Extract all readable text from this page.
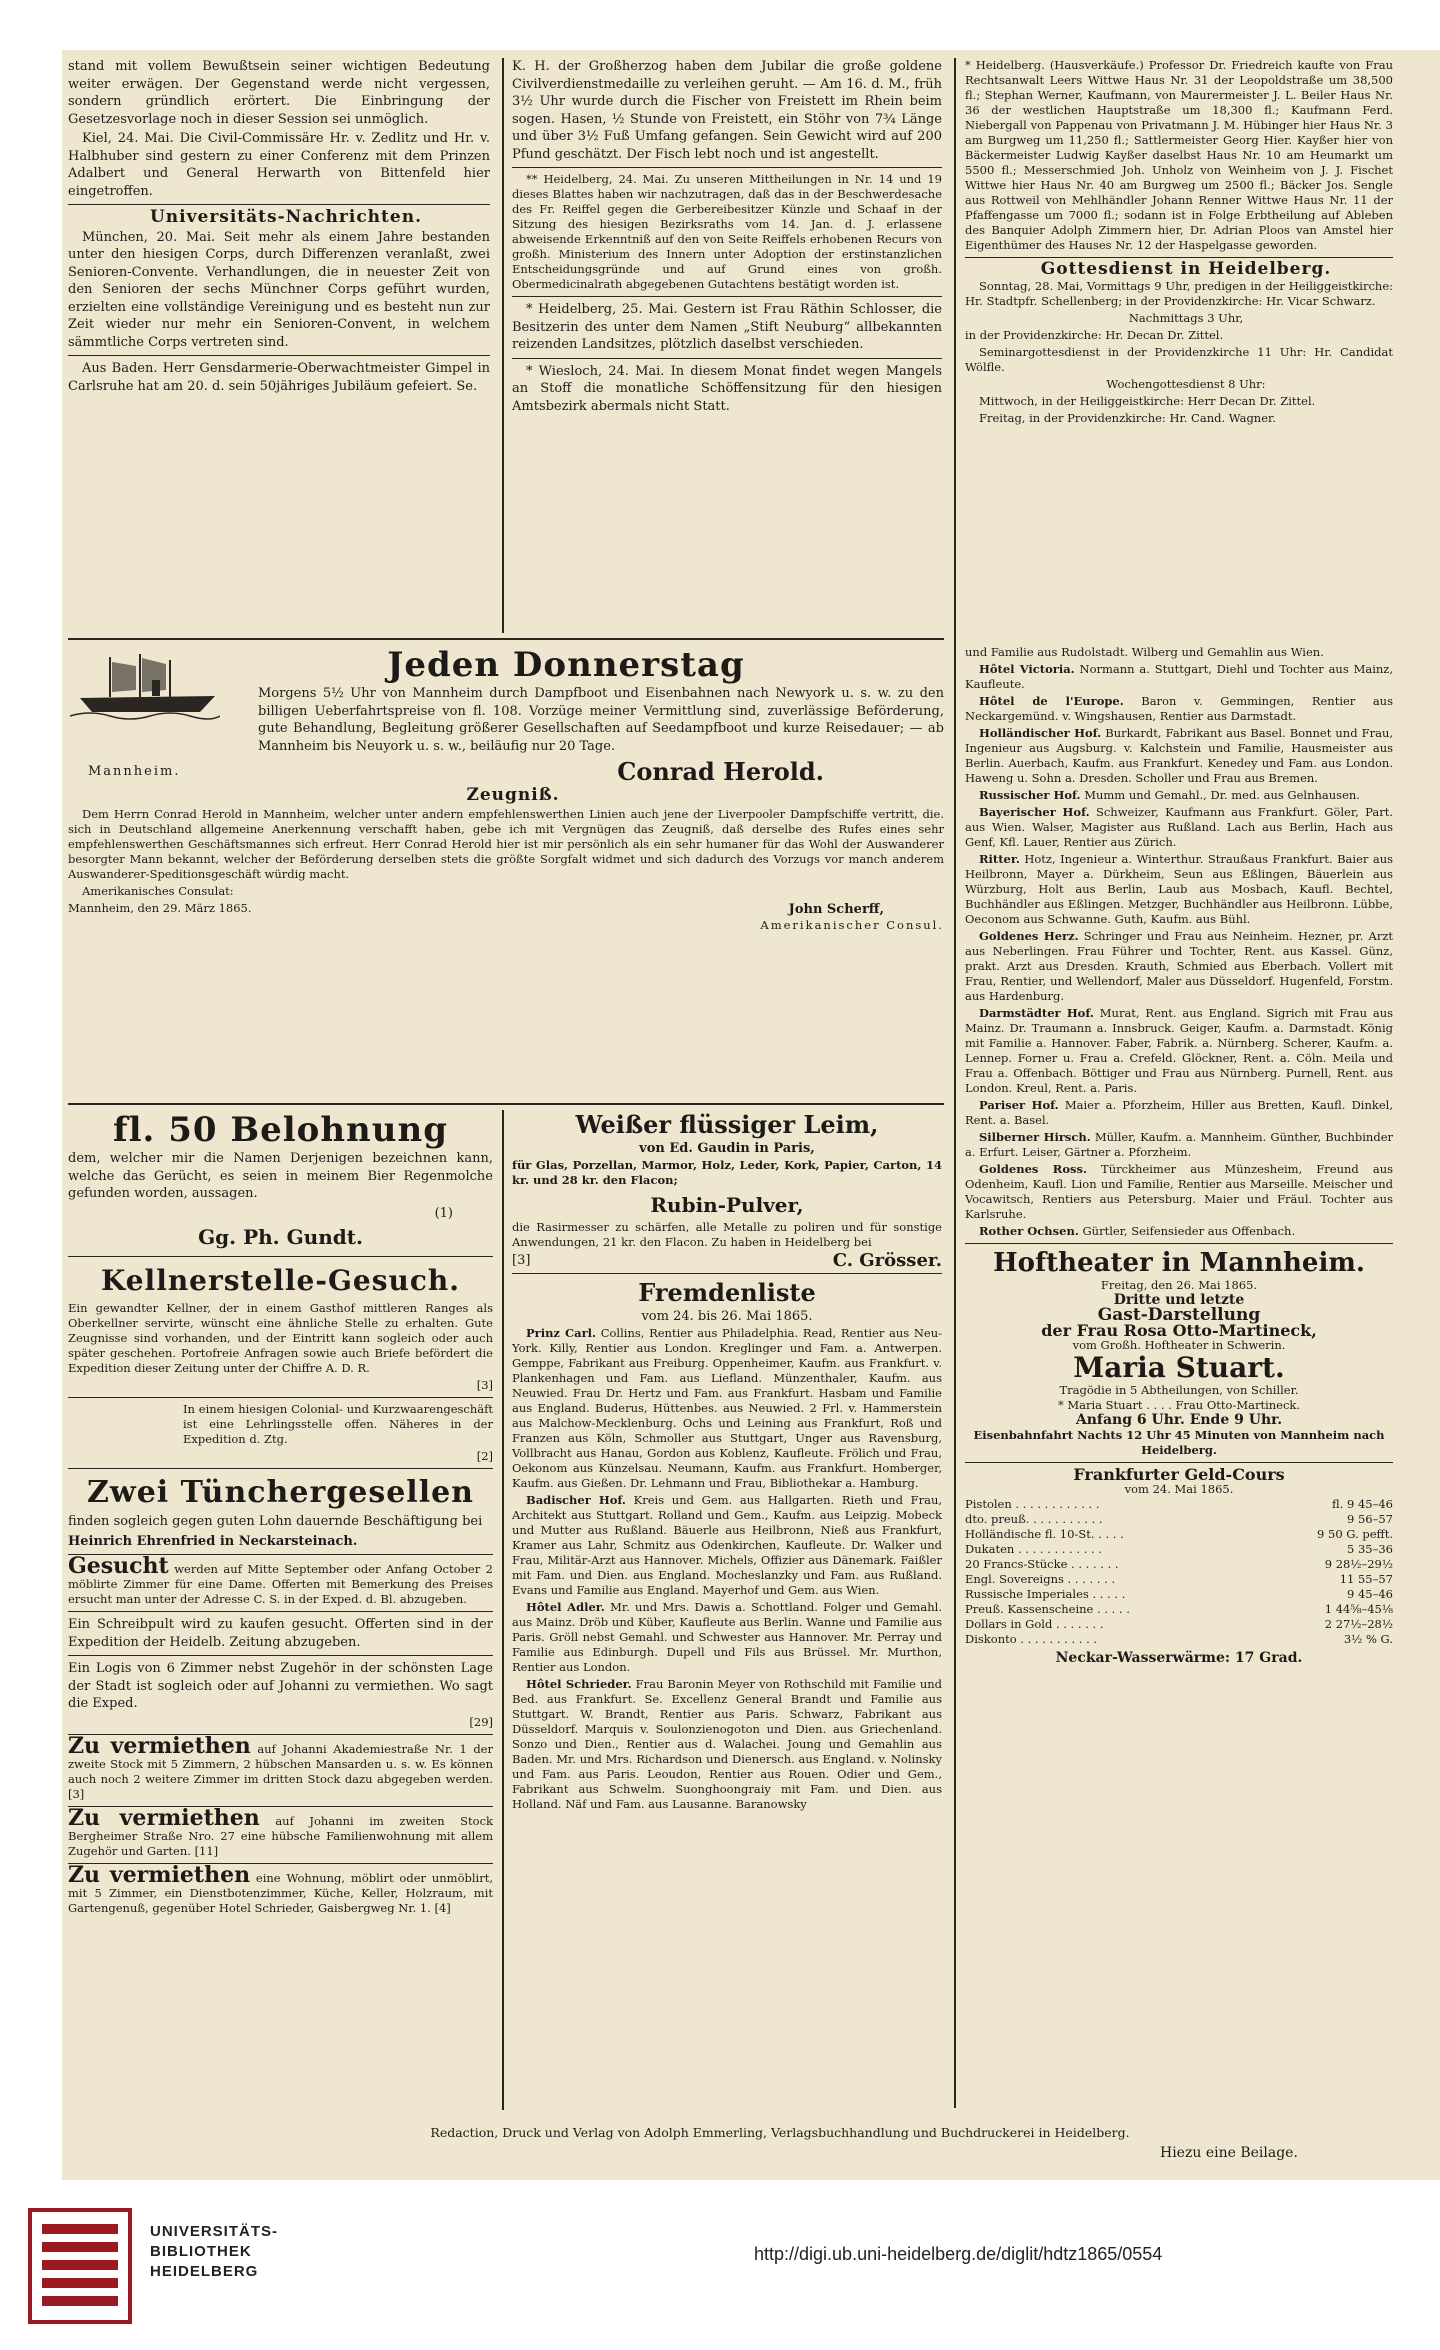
stand mit vollem Bewußtsein seiner wichtigen Bedeutung weiter erwägen. Der Gegenstand werde nicht vergessen, sondern gründlich erörtert. Die Einbringung der Gesetzesvorlage noch in dieser Session sei unmöglich.

Kiel, 24. Mai. Die Civil-Commissäre Hr. v. Zedlitz und Hr. v. Halbhuber sind gestern zu einer Conferenz mit dem Prinzen Adalbert und General Herwarth von Bittenfeld hier eingetroffen.

Universitäts-Nachrichten.

München, 20. Mai. Seit mehr als einem Jahre bestanden unter den hiesigen Corps, durch Differenzen veranlaßt, zwei Senioren-Convente. Verhandlungen, die in neuester Zeit von den Senioren der sechs Münchner Corps geführt wurden, erzielten eine vollständige Vereinigung und es besteht nun zur Zeit wieder nur mehr ein Senioren-Convent, in welchem sämmtliche Corps vertreten sind.

Aus Baden. Herr Gensdarmerie-Oberwachtmeister Gimpel in Carlsruhe hat am 20. d. sein 50jähriges Jubiläum gefeiert. Se.

K. H. der Großherzog haben dem Jubilar die große goldene Civilverdienstmedaille zu verleihen geruht. — Am 16. d. M., früh 3½ Uhr wurde durch die Fischer von Freistett im Rhein beim sogen. Hasen, ½ Stunde von Freistett, ein Stöhr von 7¾ Länge und über 3½ Fuß Umfang gefangen. Sein Gewicht wird auf 200 Pfund geschätzt. Der Fisch lebt noch und ist angestellt.

** Heidelberg, 24. Mai. Zu unseren Mittheilungen in Nr. 14 und 19 dieses Blattes haben wir nachzutragen, daß das in der Beschwerdesache des Fr. Reiffel gegen die Gerbereibesitzer Künzle und Schaaf in der Sitzung des hiesigen Bezirksraths vom 14. Jan. d. J. erlassene abweisende Erkenntniß auf den von Seite Reiffels erhobenen Recurs von großh. Ministerium des Innern unter Adoption der erstinstanzlichen Entscheidungsgründe und auf Grund eines von großh. Obermedicinalrath abgegebenen Gutachtens bestätigt worden ist.

* Heidelberg, 25. Mai. Gestern ist Frau Räthin Schlosser, die Besitzerin des unter dem Namen „Stift Neuburg“ allbekannten reizenden Landsitzes, plötzlich daselbst verschieden.

* Wiesloch, 24. Mai. In diesem Monat findet wegen Mangels an Stoff die monatliche Schöffensitzung für den hiesigen Amtsbezirk abermals nicht Statt.

* Heidelberg. (Hausverkäufe.) Professor Dr. Friedreich kaufte von Frau Rechtsanwalt Leers Wittwe Haus Nr. 31 der Leopoldstraße um 38,500 fl.; Stephan Werner, Kaufmann, von Maurermeister J. L. Beiler Haus Nr. 36 der westlichen Hauptstraße um 18,300 fl.; Kaufmann Ferd. Niebergall von Pappenau von Privatmann J. M. Hübinger hier Haus Nr. 3 am Burgweg um 11,250 fl.; Sattlermeister Georg Hier. Kayßer hier von Bäckermeister Ludwig Kayßer daselbst Haus Nr. 10 am Heumarkt um 5500 fl.; Messerschmied Joh. Unholz von Weinheim von J. J. Fischet Wittwe hier Haus Nr. 40 am Burgweg um 2500 fl.; Bäcker Jos. Sengle aus Rottweil von Mehlhändler Johann Renner Wittwe Haus Nr. 11 der Pfaffengasse um 7000 fl.; sodann ist in Folge Erbtheilung auf Ableben des Banquier Adolph Zimmern hier, Dr. Adrian Ploos van Amstel hier Eigenthümer des Hauses Nr. 12 der Haspelgasse geworden.

Gottesdienst in Heidelberg.

Sonntag, 28. Mai, Vormittags 9 Uhr, predigen in der Heiliggeistkirche: Hr. Stadtpfr. Schellenberg; in der Providenzkirche: Hr. Vicar Schwarz.

Nachmittags 3 Uhr,

in der Providenzkirche: Hr. Decan Dr. Zittel.

Seminargottesdienst in der Providenzkirche 11 Uhr: Hr. Candidat Wölfle.

Wochengottesdienst 8 Uhr:

Mittwoch, in der Heiliggeistkirche: Herr Decan Dr. Zittel.

Freitag, in der Providenzkirche: Hr. Cand. Wagner.

Jeden Donnerstag

Morgens 5½ Uhr von Mannheim durch Dampfboot und Eisenbahnen nach Newyork u. s. w. zu den billigen Ueberfahrtspreise von fl. 108. Vorzüge meiner Vermittlung sind, zuverlässige Beförderung, gute Behandlung, Begleitung größerer Gesellschaften auf Seedampfboot und kurze Reisedauer; — ab Mannheim bis Neuyork u. s. w., beiläufig nur 20 Tage.

Mannheim.	Conrad Herold.

Zeugniß.

Dem Herrn Conrad Herold in Mannheim, welcher unter andern empfehlenswerthen Linien auch jene der Liverpooler Dampfschiffe vertritt, die. sich in Deutschland allgemeine Anerkennung verschafft haben, gebe ich mit Vergnügen das Zeugniß, daß derselbe des Rufes eines sehr empfehlenswerthen Geschäftsmannes sich erfreut. Herr Conrad Herold hier ist mir persönlich als ein sehr humaner für das Wohl der Auswanderer besorgter Mann bekannt, welcher der Beförderung derselben stets die größte Sorgfalt widmet und sich dadurch des Vorzugs vor manch anderem Auswanderer-Speditionsgeschäft würdig macht.

Amerikanisches Consulat:

Mannheim, den 29. März 1865.	John Scherff,
Amerikanischer Consul.
fl. 50 Belohnung

dem, welcher mir die Namen Derjenigen bezeichnen kann, welche das Gerücht, es seien in meinem Bier Regenmolche gefunden worden, aussagen.

(1)
Gg. Ph. Gundt.
Kellnerstelle-Gesuch.

Ein gewandter Kellner, der in einem Gasthof mittleren Ranges als Oberkellner servirte, wünscht eine ähnliche Stelle zu erhalten. Gute Zeugnisse sind vorhanden, und der Eintritt kann sogleich oder auch später geschehen. Portofreie Anfragen sowie auch Briefe befördert die Expedition dieser Zeitung unter der Chiffre A. D. R.

[3]

In einem hiesigen Colonial- und Kurzwaarengeschäft ist eine Lehrlingsstelle offen. Näheres in der Expedition d. Ztg.

[2]
Zwei Tünchergesellen

finden sogleich gegen guten Lohn dauernde Beschäftigung bei

Heinrich Ehrenfried in Neckarsteinach.

Gesucht werden auf Mitte September oder Anfang October 2 möblirte Zimmer für eine Dame. Offerten mit Bemerkung des Preises ersucht man unter der Adresse C. S. in der Exped. d. Bl. abzugeben.

Ein Schreibpult wird zu kaufen gesucht. Offerten sind in der Expedition der Heidelb. Zeitung abzugeben.

Ein Logis von 6 Zimmer nebst Zugehör in der schönsten Lage der Stadt ist sogleich oder auf Johanni zu vermiethen. Wo sagt die Exped.

[29]

Zu vermiethen auf Johanni Akademiestraße Nr. 1 der zweite Stock mit 5 Zimmern, 2 hübschen Mansarden u. s. w. Es können auch noch 2 weitere Zimmer im dritten Stock dazu abgegeben werden. [3]

Zu vermiethen auf Johanni im zweiten Stock Bergheimer Straße Nro. 27 eine hübsche Familienwohnung mit allem Zugehör und Garten. [11]

Zu vermiethen eine Wohnung, möblirt oder unmöblirt, mit 5 Zimmer, ein Dienstbotenzimmer, Küche, Keller, Holzraum, mit Gartengenuß, gegenüber Hotel Schrieder, Gaisbergweg Nr. 1. [4]

Weißer flüssiger Leim,
von Ed. Gaudin in Paris,

für Glas, Porzellan, Marmor, Holz, Leder, Kork, Papier, Carton, 14 kr. und 28 kr. den Flacon;

Rubin-Pulver,

die Rasirmesser zu schärfen, alle Metalle zu poliren und für sonstige Anwendungen, 21 kr. den Flacon. Zu haben in Heidelberg bei

[3]	C. Grösser.
Fremdenliste
vom 24. bis 26. Mai 1865.

Prinz Carl. Collins, Rentier aus Philadelphia. Read, Rentier aus Neu-York. Killy, Rentier aus London. Kreglinger und Fam. a. Antwerpen. Gemppe, Fabrikant aus Freiburg. Oppenheimer, Kaufm. aus Frankfurt. v. Plankenhagen und Fam. aus Liefland. Münzenthaler, Kaufm. aus Neuwied. Frau Dr. Hertz und Fam. aus Frankfurt. Hasbam und Familie aus England. Buderus, Hüttenbes. aus Neuwied. 2 Frl. v. Hammerstein aus Malchow-Mecklenburg. Ochs und Leining aus Frankfurt, Roß und Franzen aus Köln, Schmoller aus Stuttgart, Unger aus Ravensburg, Vollbracht aus Hanau, Gordon aus Koblenz, Kaufleute. Frölich und Frau, Oekonom aus Künzelsau. Neumann, Kaufm. aus Frankfurt. Homberger, Kaufm. aus Gießen. Dr. Lehmann und Frau, Bibliothekar a. Hamburg.

Badischer Hof. Kreis und Gem. aus Hallgarten. Rieth und Frau, Architekt aus Stuttgart. Rolland und Gem., Kaufm. aus Leipzig. Mobeck und Mutter aus Rußland. Bäuerle aus Heilbronn, Nieß aus Frankfurt, Kramer aus Lahr, Schmitz aus Odenkirchen, Kaufleute. Dr. Walker und Frau, Militär-Arzt aus Hannover. Michels, Offizier aus Dänemark. Faißler mit Fam. und Dien. aus England. Mocheslanzky und Fam. aus Rußland. Evans und Familie aus England. Mayerhof und Gem. aus Wien.

Hôtel Adler. Mr. und Mrs. Dawis a. Schottland. Folger und Gemahl. aus Mainz. Dröb und Küber, Kaufleute aus Berlin. Wanne und Familie aus Paris. Gröll nebst Gemahl. und Schwester aus Hannover. Mr. Perray und Familie aus Edinburgh. Dupell und Fils aus Brüssel. Mr. Murthon, Rentier aus London.

Hôtel Schrieder. Frau Baronin Meyer von Rothschild mit Familie und Bed. aus Frankfurt. Se. Excellenz General Brandt und Familie aus Stuttgart. W. Brandt, Rentier aus Paris. Schwarz, Fabrikant aus Düsseldorf. Marquis v. Soulonzienogoton und Dien. aus Griechenland. Sonzo und Dien., Rentier aus d. Walachei. Joung und Gemahlin aus Baden. Mr. und Mrs. Richardson und Dienersch. aus England. v. Nolinsky und Fam. aus Paris. Leoudon, Rentier aus Rouen. Odier und Gem., Fabrikant aus Schwelm. Suonghoongraiy mit Fam. und Dien. aus Holland. Näf und Fam. aus Lausanne. Baranowsky

und Familie aus Rudolstadt. Wilberg und Gemahlin aus Wien.

Hôtel Victoria. Normann a. Stuttgart, Diehl und Tochter aus Mainz, Kaufleute.

Hôtel de l'Europe. Baron v. Gemmingen, Rentier aus Neckargemünd. v. Wingshausen, Rentier aus Darmstadt.

Holländischer Hof. Burkardt, Fabrikant aus Basel. Bonnet und Frau, Ingenieur aus Augsburg. v. Kalchstein und Familie, Hausmeister aus Berlin. Auerbach, Kaufm. aus Frankfurt. Kenedey und Fam. aus London. Haweng u. Sohn a. Dresden. Scholler und Frau aus Bremen.

Russischer Hof. Mumm und Gemahl., Dr. med. aus Gelnhausen.

Bayerischer Hof. Schweizer, Kaufmann aus Frankfurt. Göler, Part. aus Wien. Walser, Magister aus Rußland. Lach aus Berlin, Hach aus Genf, Kfl. Lauer, Rentier aus Zürich.

Ritter. Hotz, Ingenieur a. Winterthur. Straußaus Frankfurt. Baier aus Heilbronn, Mayer a. Dürkheim, Seun aus Eßlingen, Bäuerlein aus Würzburg, Holt aus Berlin, Laub aus Mosbach, Kaufl. Bechtel, Buchhändler aus Eßlingen. Metzger, Buchhändler aus Heilbronn. Lübbe, Oeconom aus Schwanne. Guth, Kaufm. aus Bühl.

Goldenes Herz. Schringer und Frau aus Neinheim. Hezner, pr. Arzt aus Neberlingen. Frau Führer und Tochter, Rent. aus Kassel. Günz, prakt. Arzt aus Dresden. Krauth, Schmied aus Eberbach. Vollert mit Frau, Rentier, und Wellendorf, Maler aus Düsseldorf. Hugenfeld, Forstm. aus Hardenburg.

Darmstädter Hof. Murat, Rent. aus England. Sigrich mit Frau aus Mainz. Dr. Traumann a. Innsbruck. Geiger, Kaufm. a. Darmstadt. König mit Familie a. Hannover. Faber, Fabrik. a. Nürnberg. Scherer, Kaufm. a. Lennep. Forner u. Frau a. Crefeld. Glöckner, Rent. a. Cöln. Meila und Frau a. Offenbach. Böttiger und Frau aus Nürnberg. Purnell, Rent. aus London. Kreul, Rent. a. Paris.

Pariser Hof. Maier a. Pforzheim, Hiller aus Bretten, Kaufl. Dinkel, Rent. a. Basel.

Silberner Hirsch. Müller, Kaufm. a. Mannheim. Günther, Buchbinder a. Erfurt. Leiser, Gärtner a. Pforzheim.

Goldenes Ross. Türckheimer aus Münzesheim, Freund aus Odenheim, Kaufl. Lion und Familie, Rentier aus Marseille. Meischer und Vocawitsch, Rentiers aus Petersburg. Maier und Fräul. Tochter aus Karlsruhe.

Rother Ochsen. Gürtler, Seifensieder aus Offenbach.

Hoftheater in Mannheim.
Freitag, den 26. Mai 1865.
Dritte und letzte
Gast-Darstellung
der Frau Rosa Otto-Martineck,
vom Großh. Hoftheater in Schwerin.
Maria Stuart.
Tragödie in 5 Abtheilungen, von Schiller.
* Maria Stuart . . . . Frau Otto-Martineck.
Anfang 6 Uhr. Ende 9 Uhr.
Eisenbahnfahrt Nachts 12 Uhr 45 Minuten von Mannheim nach Heidelberg.
Frankfurter Geld-Cours
vom 24. Mai 1865.
Pistolen . . . . . . . . . . . .	fl. 9 45–46
dto. preuß. . . . . . . . . . .	9 56–57
Holländische fl. 10-St. . . . .	9 50 G. pefft.
Dukaten . . . . . . . . . . . .	5 35–36
20 Francs-Stücke . . . . . . .	9 28½–29½
Engl. Sovereigns . . . . . . .	11 55–57
Russische Imperiales . . . . .	9 45–46
Preuß. Kassenscheine . . . . .	1 44⅝–45⅛
Dollars in Gold . . . . . . .	2 27½–28½
Diskonto . . . . . . . . . . .	3½ % G.
Neckar-Wasserwärme: 17 Grad.
Redaction, Druck und Verlag von Adolph Emmerling, Verlagsbuchhandlung und Buchdruckerei in Heidelberg.
Hiezu eine Beilage.
UNIVERSITÄTS-
BIBLIOTHEK
HEIDELBERG
http://digi.ub.uni-heidelberg.de/diglit/hdtz1865/0554
